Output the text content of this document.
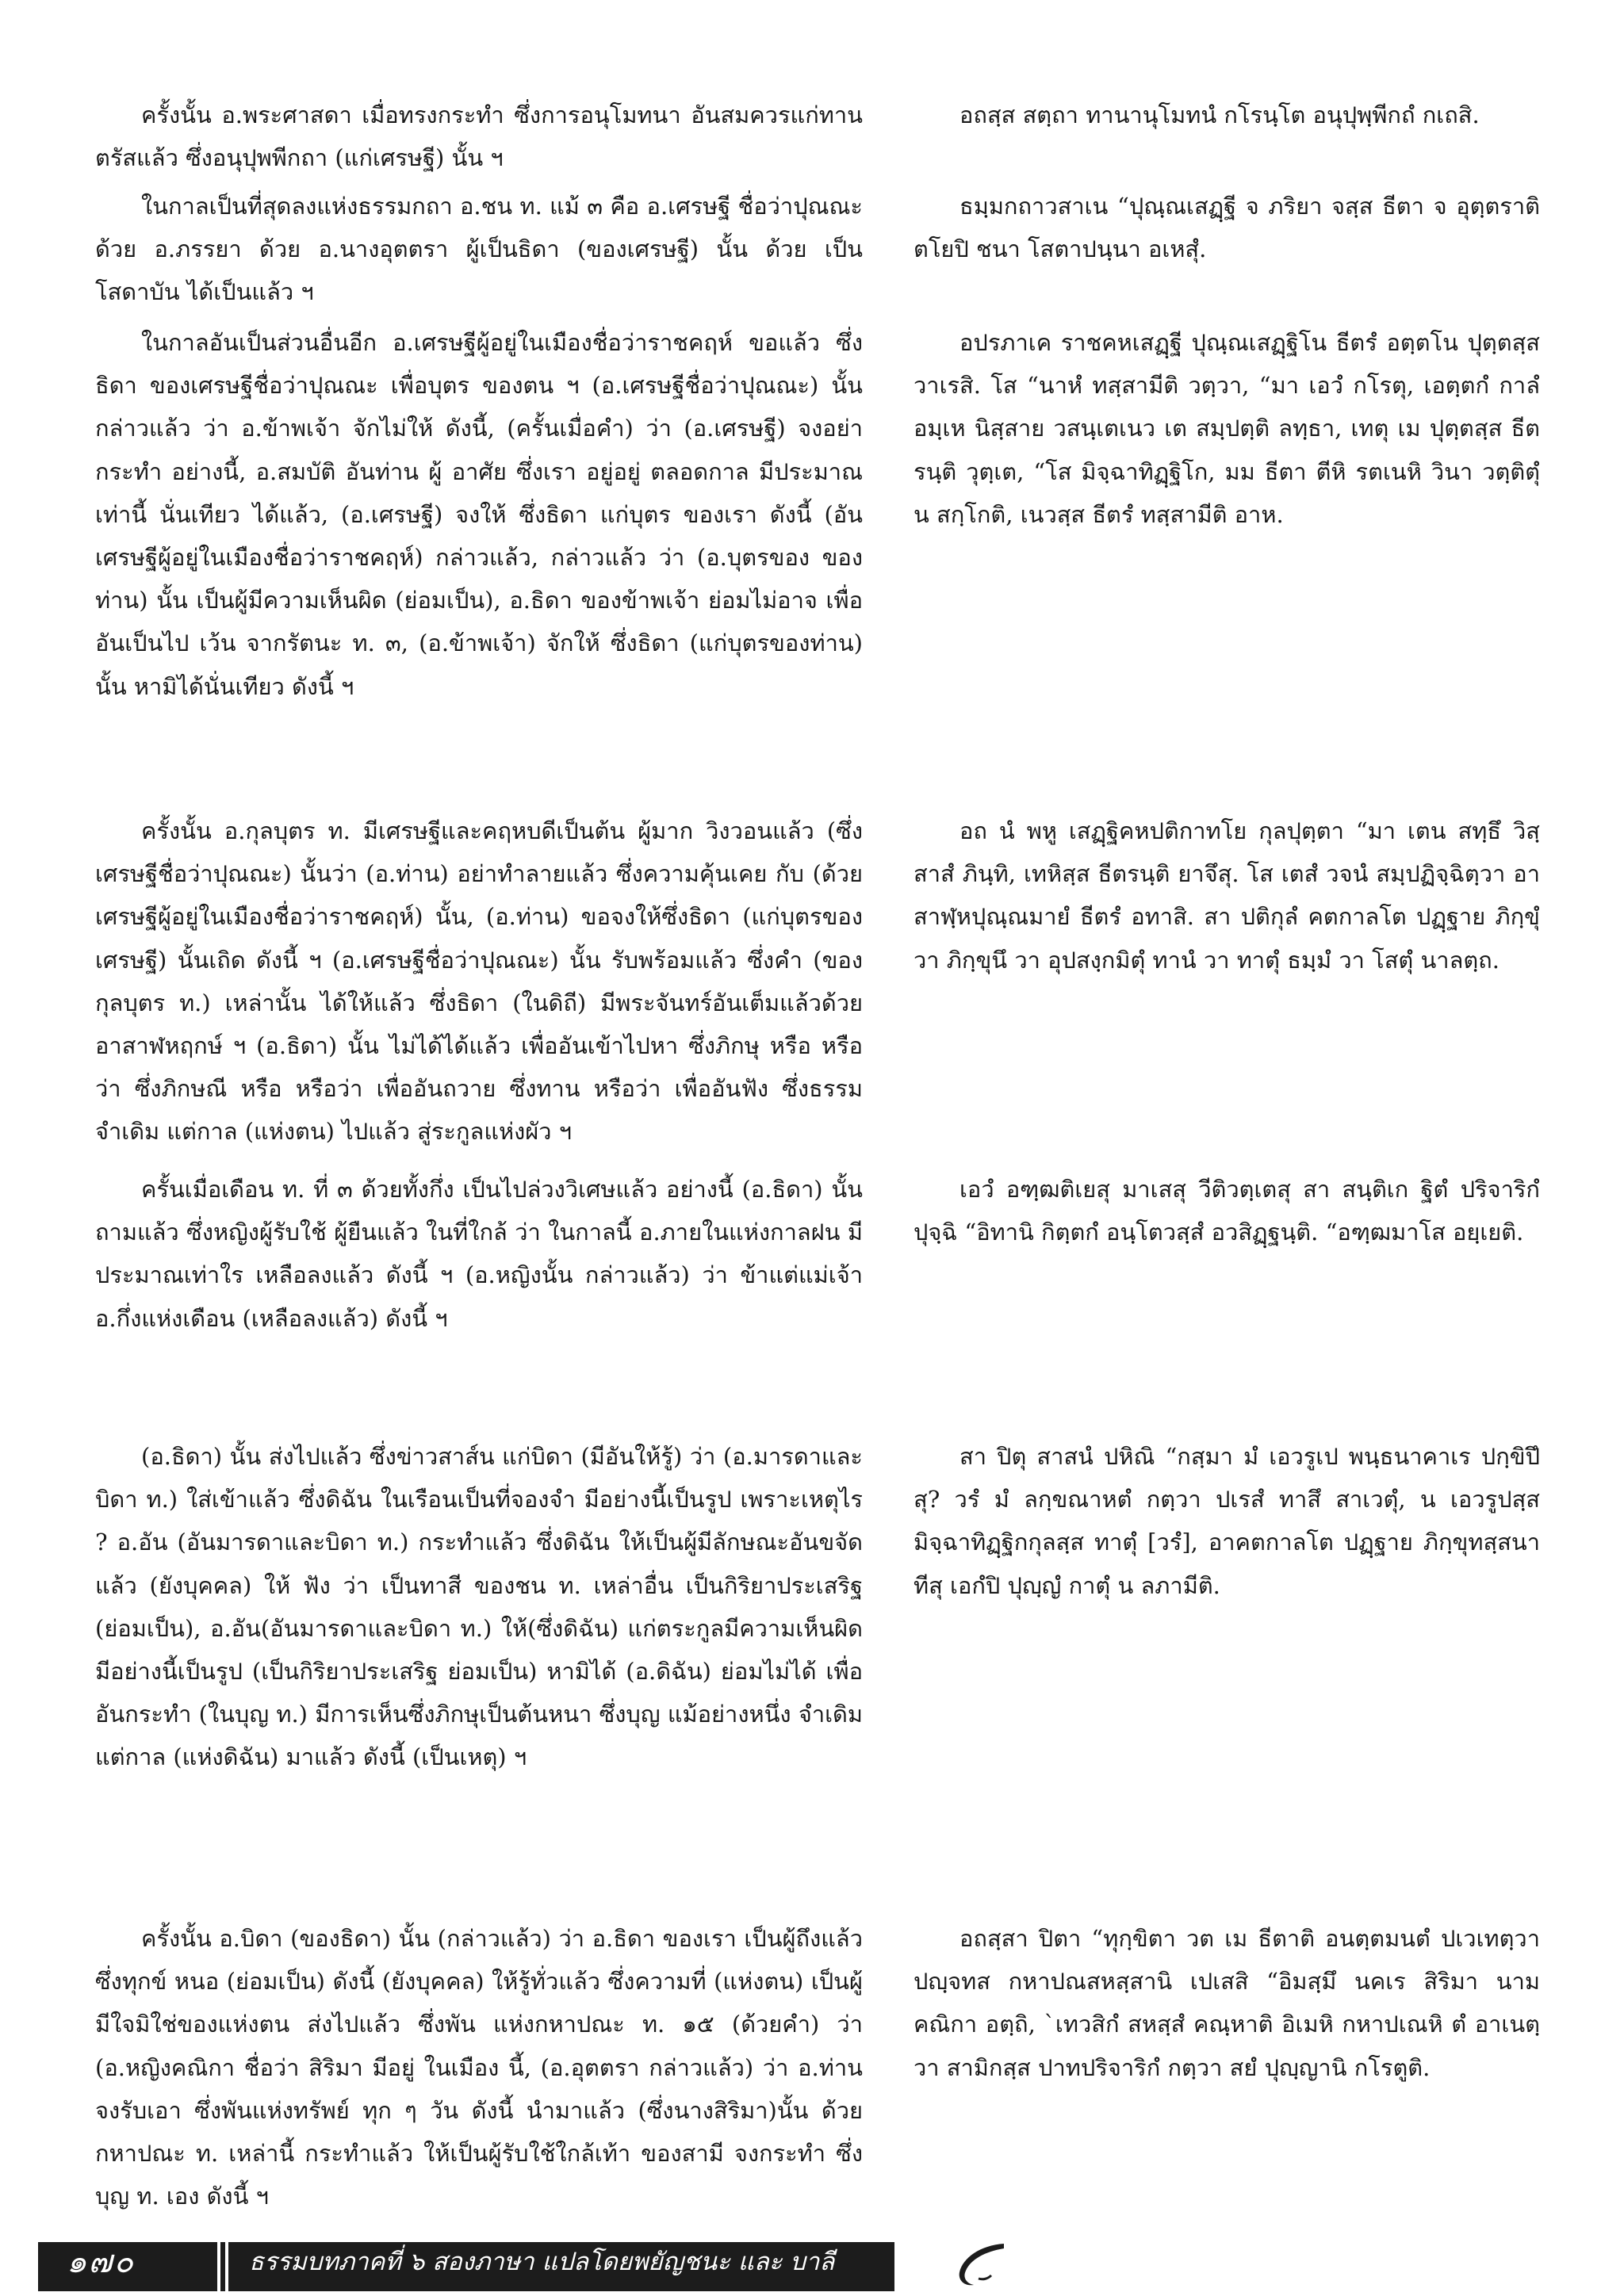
ครั้งนั้น อ.พระศาสดา เมื่อทรงกระทำ ซึ่งการอนุโมทนา อันสมควรแก่ทาน ตรัสแล้ว ซึ่งอนุปุพพีกถา (แก่เศรษฐี) นั้น ฯ

ในกาลเป็นที่สุดลงแห่งธรรมกถา อ.ชน ท. แม้ ๓ คือ อ.เศรษฐี ชื่อว่าปุณณะ ด้วย อ.ภรรยา ด้วย อ.นางอุตตรา ผู้เป็นธิดา (ของเศรษฐี) นั้น ด้วย เป็นโสดาบัน ได้เป็นแล้ว ฯ

ในกาลอันเป็นส่วนอื่นอีก อ.เศรษฐีผู้อยู่ในเมืองชื่อว่าราชคฤห์ ขอแล้ว ซึ่งธิดา ของเศรษฐีชื่อว่าปุณณะ เพื่อบุตร ของตน ฯ (อ.เศรษฐีชื่อว่าปุณณะ) นั้น กล่าวแล้ว ว่า อ.ข้าพเจ้า จักไม่ให้ ดังนี้, (ครั้นเมื่อคำ) ว่า (อ.เศรษฐี) จงอย่ากระทำ อย่างนี้, อ.สมบัติ อันท่าน ผู้ อาศัย ซึ่งเรา อยู่อยู่ ตลอดกาล มีประมาณเท่านี้ นั่นเทียว ได้แล้ว, (อ.เศรษฐี) จงให้ ซึ่งธิดา แก่บุตร ของเรา ดังนี้ (อันเศรษฐีผู้อยู่ในเมืองชื่อว่าราชคฤห์) กล่าวแล้ว, กล่าวแล้ว ว่า (อ.บุตรของ ของท่าน) นั้น เป็นผู้มีความเห็นผิด (ย่อมเป็น), อ.ธิดา ของข้าพเจ้า ย่อมไม่อาจ เพื่ออันเป็นไป เว้น จากรัตนะ ท. ๓, (อ.ข้าพเจ้า) จักให้ ซึ่งธิดา (แก่บุตรของท่าน) นั้น หามิได้นั่นเทียว ดังนี้ ฯ

ครั้งนั้น อ.กุลบุตร ท. มีเศรษฐีและคฤหบดีเป็นต้น ผู้มาก วิงวอนแล้ว (ซึ่งเศรษฐีชื่อว่าปุณณะ) นั้นว่า (อ.ท่าน) อย่าทำลายแล้ว ซึ่งความคุ้นเคย กับ (ด้วยเศรษฐีผู้อยู่ในเมืองชื่อว่าราชคฤห์) นั้น, (อ.ท่าน) ขอจงให้ซึ่งธิดา (แก่บุตรของเศรษฐี) นั้นเถิด ดังนี้ ฯ (อ.เศรษฐีชื่อว่าปุณณะ) นั้น รับพร้อมแล้ว ซึ่งคำ (ของกุลบุตร ท.) เหล่านั้น ได้ให้แล้ว ซึ่งธิดา (ในดิถี) มีพระจันทร์อันเต็มแล้วด้วยอาสาฬหฤกษ์ ฯ (อ.ธิดา) นั้น ไม่ได้ได้แล้ว เพื่ออันเข้าไปหา ซึ่งภิกษุ หรือ หรือว่า ซึ่งภิกษณี หรือ หรือว่า เพื่ออันถวาย ซึ่งทาน หรือว่า เพื่ออันฟัง ซึ่งธรรม จำเดิม แต่กาล (แห่งตน) ไปแล้ว สู่ระกูลแห่งผัว ฯ

ครั้นเมื่อเดือน ท. ที่ ๓ ด้วยทั้งกึ่ง เป็นไปล่วงวิเศษแล้ว อย่างนี้ (อ.ธิดา) นั้น ถามแล้ว ซึ่งหญิงผู้รับใช้ ผู้ยืนแล้ว ในที่ใกล้ ว่า ในกาลนี้ อ.ภายในแห่งกาลฝน มีประมาณเท่าใร เหลือลงแล้ว ดังนี้ ฯ (อ.หญิงนั้น กล่าวแล้ว) ว่า ข้าแต่แม่เจ้า อ.กึ่งแห่งเดือน (เหลือลงแล้ว) ดังนี้ ฯ

(อ.ธิดา) นั้น ส่งไปแล้ว ซึ่งข่าวสาส์น แก่บิดา (มีอันให้รู้) ว่า (อ.มารดาและบิดา ท.) ใส่เข้าแล้ว ซึ่งดิฉัน ในเรือนเป็นที่จองจำ มีอย่างนี้เป็นรูป เพราะเหตุไร ? อ.อัน (อันมารดาและบิดา ท.) กระทำแล้ว ซึ่งดิฉัน ให้เป็นผู้มีลักษณะอันขจัดแล้ว (ยังบุคคล) ให้ ฟัง ว่า เป็นทาสี ของชน ท. เหล่าอื่น เป็นกิริยาประเสริฐ (ย่อมเป็น), อ.อัน(อันมารดาและบิดา ท.) ให้(ซึ่งดิฉัน) แก่ตระกูลมีความเห็นผิด มีอย่างนี้เป็นรูป (เป็นกิริยาประเสริฐ ย่อมเป็น) หามิได้ (อ.ดิฉัน) ย่อมไม่ได้ เพื่ออันกระทำ (ในบุญ ท.) มีการเห็นซึ่งภิกษุเป็นต้นหนา ซึ่งบุญ แม้อย่างหนึ่ง จำเดิม แต่กาล (แห่งดิฉัน) มาแล้ว ดังนี้ (เป็นเหตุ) ฯ

ครั้งนั้น อ.บิดา (ของธิดา) นั้น (กล่าวแล้ว) ว่า อ.ธิดา ของเรา เป็นผู้ถึงแล้วซึ่งทุกข์ หนอ (ย่อมเป็น) ดังนี้ (ยังบุคคล) ให้รู้ทั่วแล้ว ซึ่งความที่ (แห่งตน) เป็นผู้มีใจมิใช่ของแห่งตน ส่งไปแล้ว ซึ่งพัน แห่งกหาปณะ ท. ๑๕ (ด้วยคำ) ว่า (อ.หญิงคณิกา ชื่อว่า สิริมา มีอยู่ ในเมือง นี้, (อ.อุตตรา กล่าวแล้ว) ว่า อ.ท่าน จงรับเอา ซึ่งพันแห่งทรัพย์ ทุก ๆ วัน ดังนี้ นำมาแล้ว (ซึ่งนางสิริมา)นั้น ด้วย กหาปณะ ท. เหล่านี้ กระทำแล้ว ให้เป็นผู้รับใช้ใกล้เท้า ของสามี จงกระทำ ซึ่งบุญ ท. เอง ดังนี้ ฯ

อถสฺส สตฺถา ทานานุโมทนํ กโรนฺโต อนุปุพฺพีกถํ กเถสิ.

ธมฺมกถาวสาเน “ปุณฺณเสฏฺฐี จ ภริยา จสฺส ธีตา จ อุตฺตราติ ตโยปิ ชนา โสตาปนฺนา อเหสุํ.

อปรภาเค ราชคหเสฏฺฐี ปุณฺณเสฏฺฐิโน ธีตรํ อตฺตโน ปุตฺตสฺส วาเรสิ. โส “นาหํ ทสฺสามีติ วตฺวา, “มา เอวํ กโรตุ, เอตฺตกํ กาลํ อมฺเห นิสฺสาย วสนฺเตเนว เต สมฺปตฺติ ลทฺธา, เทตุ เม ปุตฺตสฺส ธีตรนฺติ วุตฺเต, “โส มิจฺฉาทิฏฺฐิโก, มม ธีตา ตีหิ รตเนหิ วินา วตฺติตุํ น สกฺโกติ, เนวสฺส ธีตรํ ทสฺสามีติ อาห.

อถ นํ พหู เสฏฺฐิคหปติกาทโย กุลปุตฺตา “มา เตน สทฺธึ วิสฺสาสํ ภินฺทิ, เทหิสฺส ธีตรนฺติ ยาจึสุ. โส เตสํ วจนํ สมฺปฏิจฺฉิตฺวา อาสาฬฺหปุณฺณมายํ ธีตรํ อทาสิ. สา ปติกุลํ คตกาลโต ปฏฺฐาย ภิกฺขุํ วา ภิกฺขุนึ วา อุปสงฺกมิตุํ ทานํ วา ทาตุํ ธมฺมํ วา โสตุํ นาลตฺถ.

เอวํ อฑฺฒติเยสุ มาเสสุ วีติวตฺเตสุ สา สนฺติเก ฐิตํ ปริจาริกํ ปุจฺฉิ “อิทานิ กิตฺตกํ อนฺโตวสฺสํ อวสิฏฺฐนฺติ. “อฑฺฒมาโส อยฺเยติ.

สา ปิตุ สาสนํ ปหิณิ “กสฺมา มํ เอวรูเป พนฺธนาคาเร ปกฺขิปึสุ? วรํ มํ ลกฺขณาหตํ กตฺวา ปเรสํ ทาสึ สาเวตุํ, น เอวรูปสฺส มิจฺฉาทิฏฺฐิกกุลสฺส ทาตุํ [วรํ], อาคตกาลโต ปฏฺฐาย ภิกฺขุทสฺสนาทีสุ เอกํปิ ปุญฺญํ กาตุํ น ลภามีติ.

อถสฺสา ปิตา “ทุกฺขิตา วต เม ธีตาติ อนตฺตมนตํ ปเวเทตฺวา ปญฺจทส กหาปณสหสฺสานิ เปเสสิ “อิมสฺมึ นคเร สิริมา นาม คณิกา อตฺถิ, `เทวสิกํ สหสฺสํ คณฺหาติ อิเมหิ กหาปเณหิ ตํ อาเนตฺวา สามิกสฺส ปาทปริจาริกํ กตฺวา สยํ ปุญฺญานิ กโรตูติ.

๑๗๐	ธรรมบทภาคที่ ๖ สองภาษา แปลโดยพยัญชนะ และ บาลี
